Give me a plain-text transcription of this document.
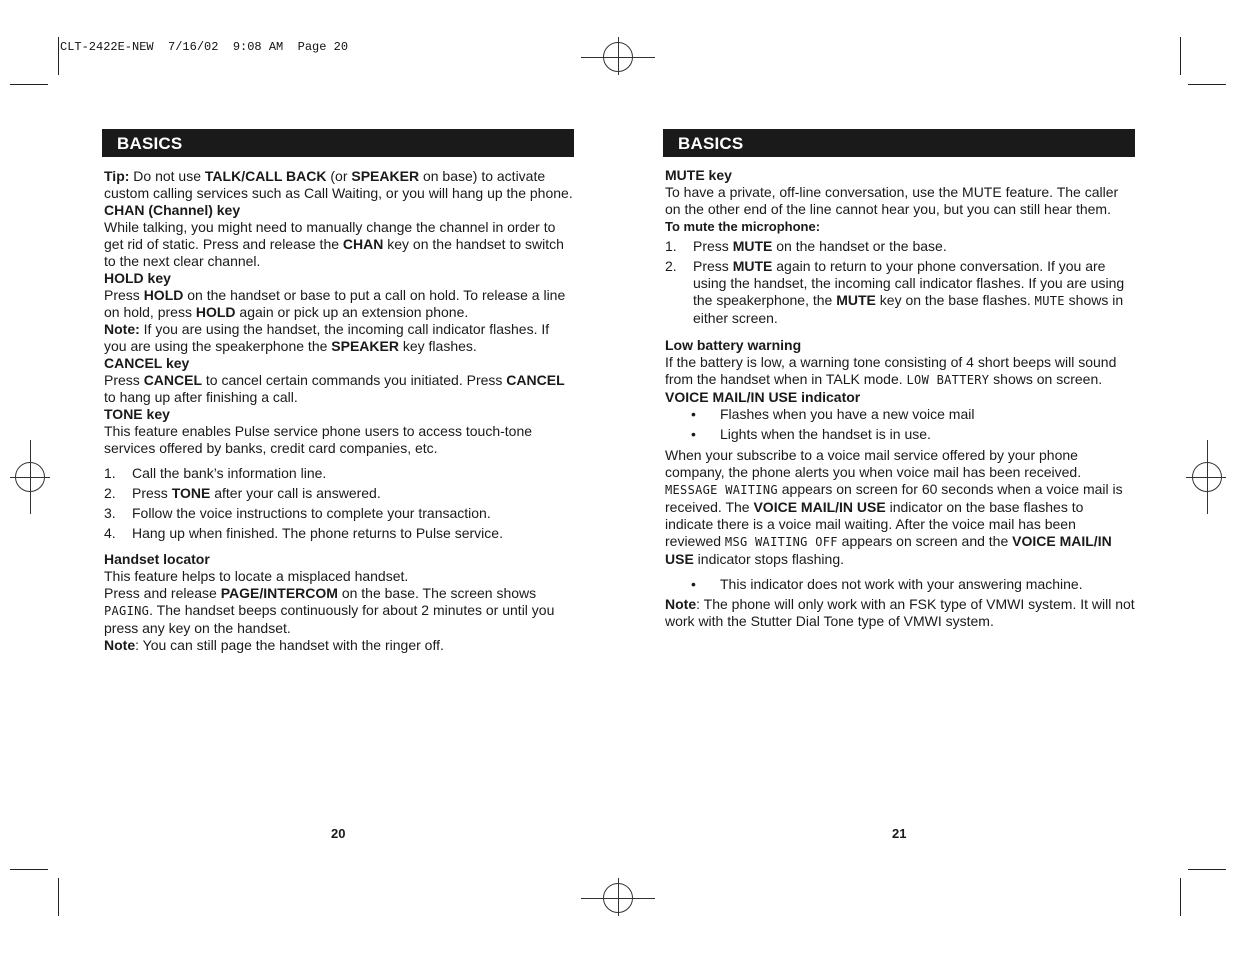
CLT-2422E-NEW  7/16/02  9:08 AM  Page 20
BASICS

Tip: Do not use TALK/CALL BACK (or SPEAKER on base) to activate custom calling services such as Call Waiting, or you will hang up the phone.

CHAN (Channel) key

While talking, you might need to manually change the channel in order to get rid of static. Press and release the CHAN key on the handset to switch to the next clear channel.

HOLD key

Press HOLD on the handset or base to put a call on hold. To release a line on hold, press HOLD again or pick up an extension phone.

Note: If you are using the handset, the incoming call indicator flashes. If you are using the speakerphone the SPEAKER key flashes.

CANCEL key

Press CANCEL to cancel certain commands you initiated. Press CANCEL to hang up after finishing a call.

TONE key

This feature enables Pulse service phone users to access touch-tone services offered by banks, credit card companies, etc.

1. Call the bank’s information line.
2. Press TONE after your call is answered.
3. Follow the voice instructions to complete your transaction.
4. Hang up when finished. The phone returns to Pulse service.

Handset locator

This feature helps to locate a misplaced handset.

Press and release PAGE/INTERCOM on the base. The screen shows PAGING. The handset beeps continuously for about 2 minutes or until you press any key on the handset.

Note: You can still page the handset with the ringer off.

20
BASICS

MUTE key

To have a private, off-line conversation, use the MUTE feature. The caller on the other end of the line cannot hear you, but you can still hear them.

To mute the microphone:

1. Press MUTE on the handset or the base.
2. Press MUTE again to return to your phone conversation. If you are using the handset, the incoming call indicator flashes. If you are using the speakerphone, the MUTE key on the base flashes. MUTE shows in either screen.

Low battery warning

If the battery is low, a warning tone consisting of 4 short beeps will sound from the handset when in TALK mode. LOW BATTERY shows on screen.

VOICE MAIL/IN USE indicator

• Flashes when you have a new voice mail
• Lights when the handset is in use.

When your subscribe to a voice mail service offered by your phone company, the phone alerts you when voice mail has been received. MESSAGE WAITING appears on screen for 60 seconds when a voice mail is received. The VOICE MAIL/IN USE indicator on the base flashes to indicate there is a voice mail waiting. After the voice mail has been reviewed MSG WAITING OFF appears on screen and the VOICE MAIL/IN USE indicator stops flashing.

• This indicator does not work with your answering machine.

Note: The phone will only work with an FSK type of VMWI system. It will not work with the Stutter Dial Tone type of VMWI system.

21
